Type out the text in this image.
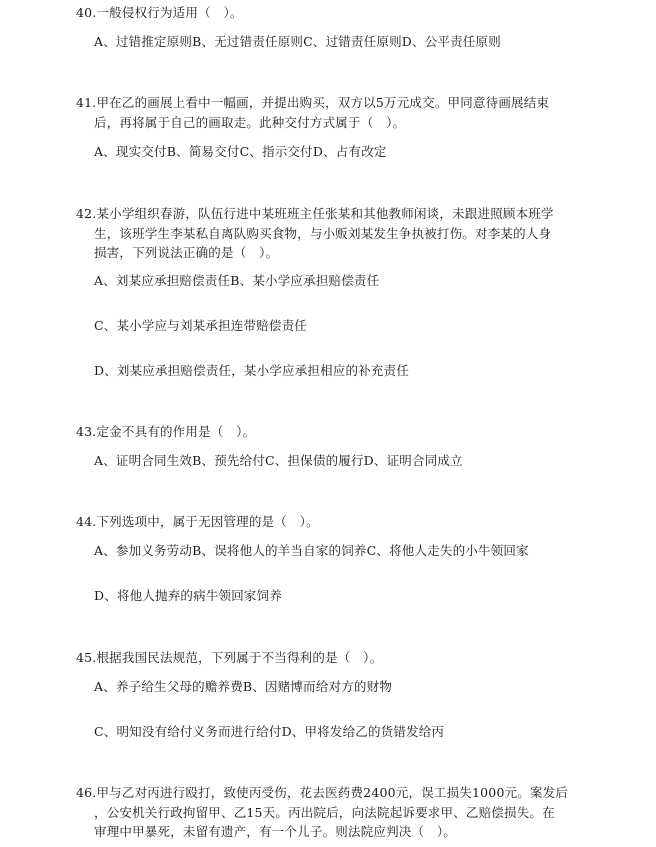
40.一般侵权行为适用（　）。
A、过错推定原则B、无过错责任原则C、过错责任原则D、公平责任原则
41.甲在乙的画展上看中一幅画，并提出购买，双方以5万元成交。甲同意待画展结束
后，再将属于自己的画取走。此种交付方式属于（　）。
A、现实交付B、简易交付C、指示交付D、占有改定
42.某小学组织春游，队伍行进中某班班主任张某和其他教师闲谈，未跟进照顾本班学
生，该班学生李某私自离队购买食物，与小贩刘某发生争执被打伤。对李某的人身
损害，下列说法正确的是（　）。
A、刘某应承担赔偿责任B、某小学应承担赔偿责任
C、某小学应与刘某承担连带赔偿责任
D、刘某应承担赔偿责任，某小学应承担相应的补充责任
43.定金不具有的作用是（　）。
A、证明合同生效B、预先给付C、担保债的履行D、证明合同成立
44.下列选项中，属于无因管理的是（　）。
A、参加义务劳动B、误将他人的羊当自家的饲养C、将他人走失的小牛领回家
D、将他人抛弃的病牛领回家饲养
45.根据我国民法规范，下列属于不当得利的是（　）。
A、养子给生父母的赡养费B、因赌博而给对方的财物
C、明知没有给付义务而进行给付D、甲将发给乙的货错发给丙
46.甲与乙对丙进行殴打，致使丙受伤，花去医药费2400元，误工损失1000元。案发后
，公安机关行政拘留甲、乙15天。丙出院后，向法院起诉要求甲、乙赔偿损失。在
审理中甲暴死，未留有遗产，有一个儿子。则法院应判决（　）。
